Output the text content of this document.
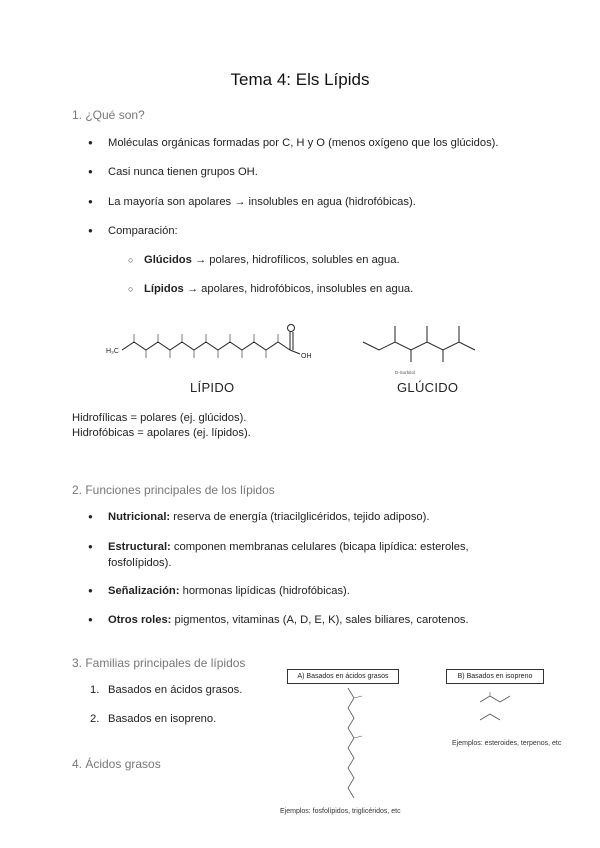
Tema 4: Els Lípids
1. ¿Qué son?
● Moléculas orgánicas formadas por C, H y O (menos oxígeno que los glúcidos).
● Casi nunca tienen grupos OH.
● La mayoría son apolares → insolubles en agua (hidrofóbicas).
● Comparación:
○ Glúcidos → polares, hidrofílicos, solubles en agua.
○ Lípidos → apolares, hidrofóbicos, insolubles en agua.
H₃C
OH
LÍPIDO
D-Sorbitol
GLÚCIDO
Hidrofílicas = polares (ej. glúcidos).
Hidrofóbicas = apolares (ej. lípidos).
2. Funciones principales de los lípidos
● Nutricional: reserva de energía (triacilglicéridos, tejido adiposo).
● Estructural: componen membranas celulares (bicapa lipídica: esteroles, fosfolípidos).
● Señalización: hormonas lipídicas (hidrofóbicas).
● Otros roles: pigmentos, vitaminas (A, D, E, K), sales biliares, carotenos.
3. Familias principales de lípidos
1. Basados en ácidos grasos.
2. Basados en isopreno.
A) Basados en ácidos grasos
Ejemplos: fosfolípidos, triglicéridos, etc
B) Basados en isopreno
Ejemplos: esteroides, terpenos, etc
4. Ácidos grasos
